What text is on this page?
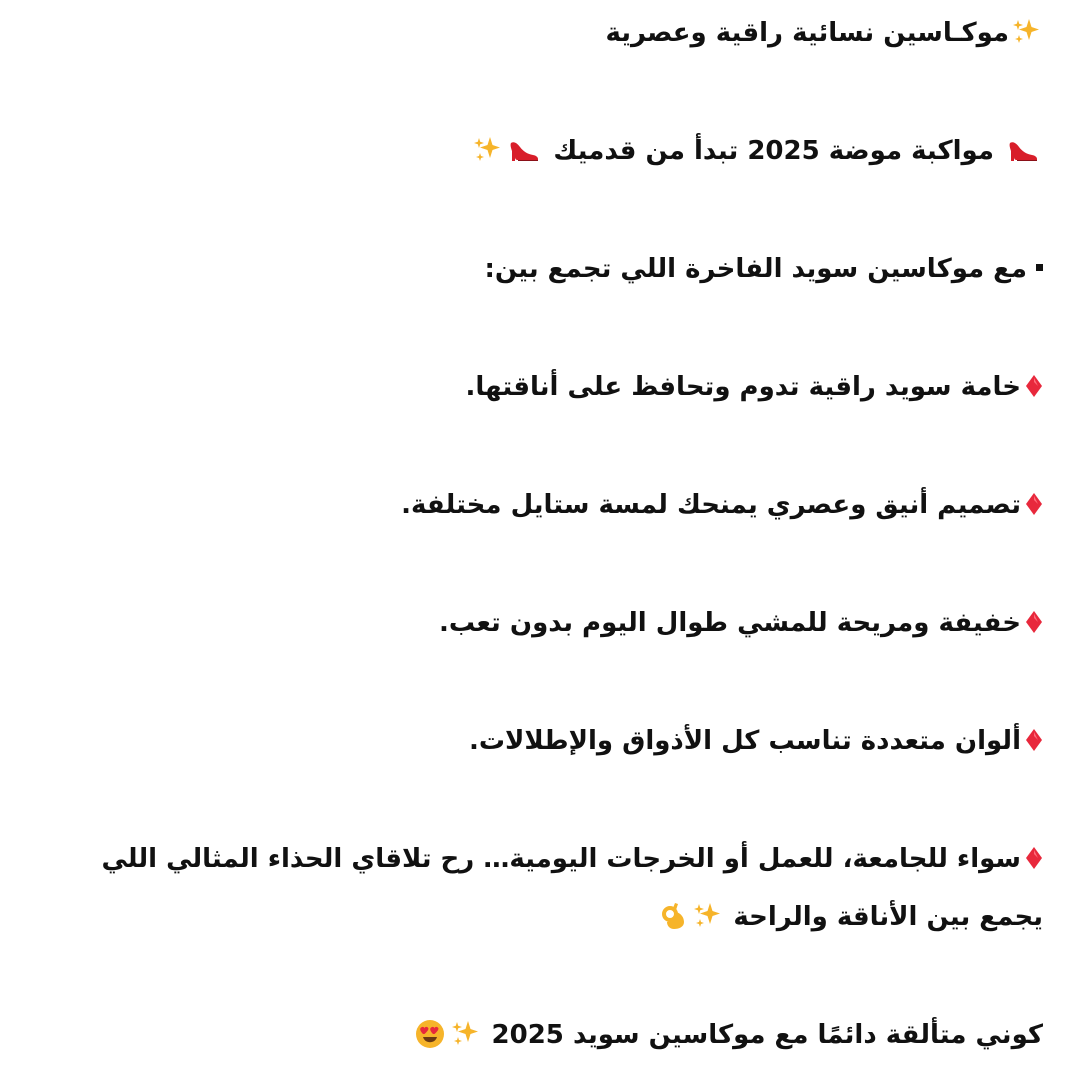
موكـاسين نسائية راقية وعصرية
مواكبة موضة 2025 تبدأ من قدميك
مع موكاسين سويد الفاخرة اللي تجمع بين:
خامة سويد راقية تدوم وتحافظ على أناقتها.
تصميم أنيق وعصري يمنحك لمسة ستايل مختلفة.
خفيفة ومريحة للمشي طوال اليوم بدون تعب.
ألوان متعددة تناسب كل الأذواق والإطلالات.
سواء للجامعة، للعمل أو الخرجات اليومية… رح تلاقاي الحذاء المثالي اللي
يجمع بين الأناقة والراحة
كوني متألقة دائمًا مع موكاسين سويد 2025
